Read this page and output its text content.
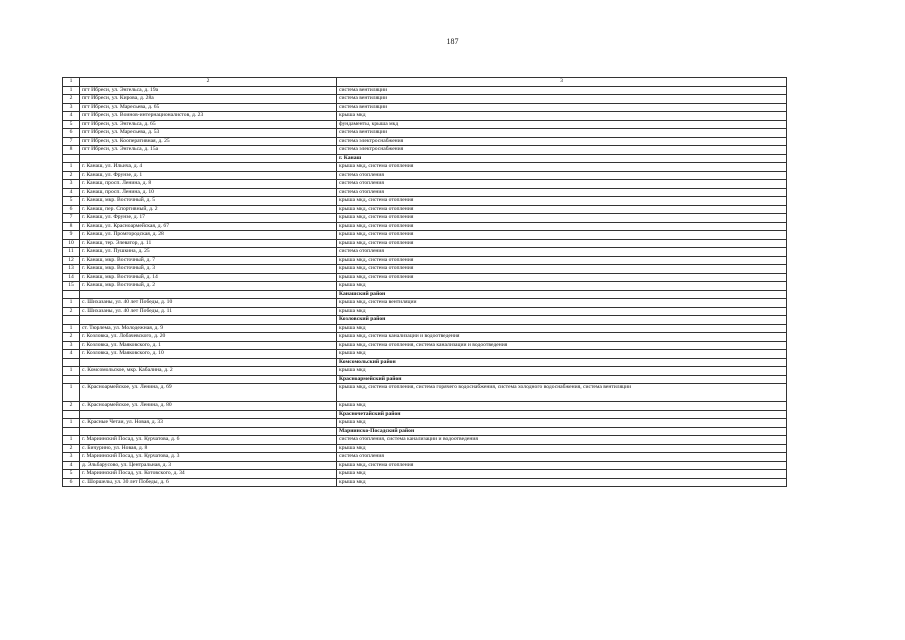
187
1	2	3
1	пгт Ибреси, ул. Энгельса, д. 19а	система вентиляции
2	пгт Ибреси, ул. Кирова, д. 28а	система вентиляции
3	пгт Ибреси, ул. Маресьева, д. 65	система вентиляции
4	пгт Ибреси, ул. Воинов-интернационалистов, д. 23	крыша мкд
5	пгт Ибреси, ул. Энгельса, д. 65	фундаменты, крыша мкд
6	пгт Ибреси, ул. Маресьева, д. 53	система вентиляции
7	пгт Ибреси, ул. Кооперативная, д. 25	система электроснабжения
8	пгт Ибреси, ул. Энгельса, д. 15а	система электроснабжения
		г. Канаш
1	г. Канаш, ул. Ильича, д. 4	крыша мкд, система отопления
2	г. Канаш, ул. Фрунзе, д. 1	система отопления
3	г. Канаш, просп. Ленина, д. 8	система отопления
4	г. Канаш, просп. Ленина, д. 10	система отопления
5	г. Канаш, мкр. Восточный, д. 5	крыша мкд, система отопления
6	г. Канаш, пер. Спортивный, д. 2	крыша мкд, система отопления
7	г. Канаш, ул. Фрунзе, д. 17	крыша мкд, система отопления
8	г. Канаш, ул. Красноармейская, д. 67	крыша мкд, система отопления
9	г. Канаш, ул. Промгородская, д. 28	крыша мкд, система отопления
10	г. Канаш, тер. Элеватор, д. 11	крыша мкд, система отопления
11	г. Канаш, ул. Пушкина, д. 25	система отопления
12	г. Канаш, мкр. Восточный, д. 7	крыша мкд, система отопления
13	г. Канаш, мкр. Восточный, д. 3	крыша мкд, система отопления
14	г. Канаш, мкр. Восточный, д. 14	крыша мкд, система отопления
15	г. Канаш, мкр. Восточный, д. 2	крыша мкд
		Канашский район
1	с. Шихазаны, ул. 40 лет Победы, д. 10	крыша мкд, система вентиляции
2	с. Шихазаны, ул. 40 лет Победы, д. 11	крыша мкд
		Козловский район
1	ст. Тюрлема, ул. Молодежная, д. 9	крыша мкд
2	г. Козловка, ул. Лобачевского, д. 20	крыша мкд, система канализации и водоотведения
3	г. Козловка, ул. Маяковского, д. 1	крыша мкд, система отопления, система канализации и водоотведения
4	г. Козловка, ул. Маяковского, д. 10	крыша мкд
		Комсомольский район
1	с. Комсомольское, мкр. Кабалина, д. 2	крыша мкд
		Красноармейский район
1	с. Красноармейское, ул. Ленина, д. 69	крыша мкд, система отопления, система горячего водоснабжения, система холодного водоснабжения, система вентиляции
2	с. Красноармейское, ул. Ленина, д. 80	крыша мкд
		Красночетайский район
1	с. Красные Четаи, ул. Новая, д. 33	крыша мкд
		Мариинско-Посадский район
1	г. Мариинский Посад, ул. Курчатова, д. 6	система отопления, система канализации и водоотведения
2	с. Бичурино, ул. Новая, д. 8	крыша мкд
3	г. Мариинский Посад, ул. Курчатова, д. 3	система отопления
4	д. Эльбарусово, ул. Центральная, д. 3	крыша мкд, система отопления
5	г. Мариинский Посад, ул. Котовского, д. 34	крыша мкд
6	с. Шоршелы, ул. 30 лет Победы, д. 6	крыша мкд
